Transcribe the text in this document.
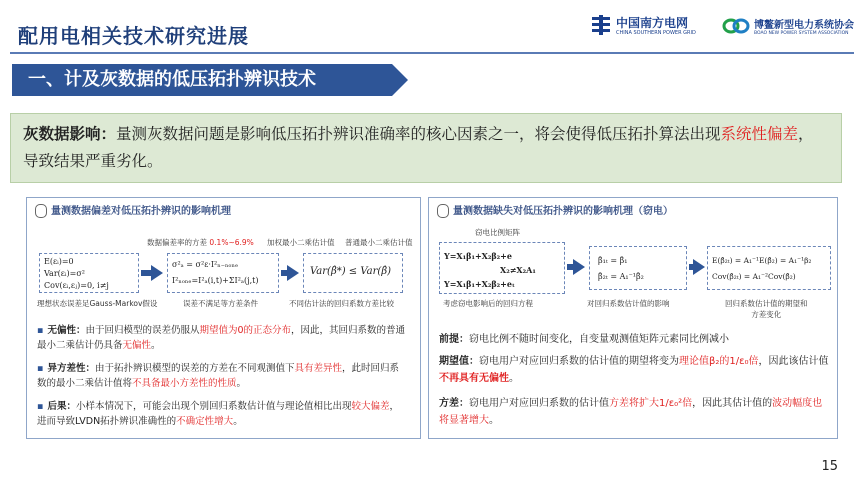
配用电相关技术研究进展
中国南方电网
CHINA SOUTHERN POWER GRID
博鳌新型电力系统协会
BOAO NEW POWER SYSTEM ASSOCIATION
一、计及灰数据的低压拓扑辨识技术
灰数据影响：量测灰数据问题是影响低压拓扑辨识准确率的核心因素之一，将会使得低压拓扑算法出现系统性偏差，导致结果严重劣化。
量测数据偏差对低压拓扑辨识的影响机理
数据偏差率的方差 0.1%~6.9% 加权最小二乘估计值 普通最小二乘估计值
E(εᵢ)=0
Var(εᵢ)=σ²
Cov(εᵢ,εⱼ)=0, i≠j
σ²ₐ = σ²ε·I²ₙ₋ₙₒₙₑ
I²ₙₒₙₑ=I²ₐ(i,t)+ΣI²ₐ(j,t)
Var(β̂*) ≤ Var(β̂)
理想状态误差足Gauss-Markov假设	误差不满足等方差条件	不同估计法的回归系数方差比较
▪ 无偏性：由于回归模型的误差仍服从期望值为0的正态分布，因此，其回归系数的普通最小二乘估计仍具备无偏性。
▪ 异方差性：由于拓扑辨识模型的误差的方差在不同观测值下具有差异性，此时回归系数的最小二乘估计值将不具备最小方差性的性质。
▪ 后果：小样本情况下，可能会出现个别回归系数估计值与理论值相比出现较大偏差，进而导致LVDN拓扑辨识准确性的不确定性增大。
量测数据缺失对低压拓扑辨识的影响机理（窃电）
窃电比例矩阵
Y=X₁β₁+X₂β₂+e
X₂≠X₂A₁
Y=X₁β₁+X₂β₂+eₜ
β̂₁ₜ = β̂₁
β̂₂ₜ = A₁⁻¹β̂₂
E(β̂₂ₜ) = A₁⁻¹E(β̂₂) = A₁⁻¹β₂
Cov(β̂₂ₜ) = A₁⁻²Cov(β̂₂)
考虑窃电影响后的回归方程	对回归系数估计值的影响	回归系数估计值的期望和
方差变化
前提：窃电比例不随时间变化，自变量观测值矩阵元素同比例减小
期望值：窃电用户对应回归系数的估计值的期望将变为理论值β₂的1/ε₀倍，因此该估计值不再具有无偏性。
方差：窃电用户对应回归系数的估计值方差将扩大1/ε₀²倍，因此其估计值的波动幅度也将显著增大。
15
